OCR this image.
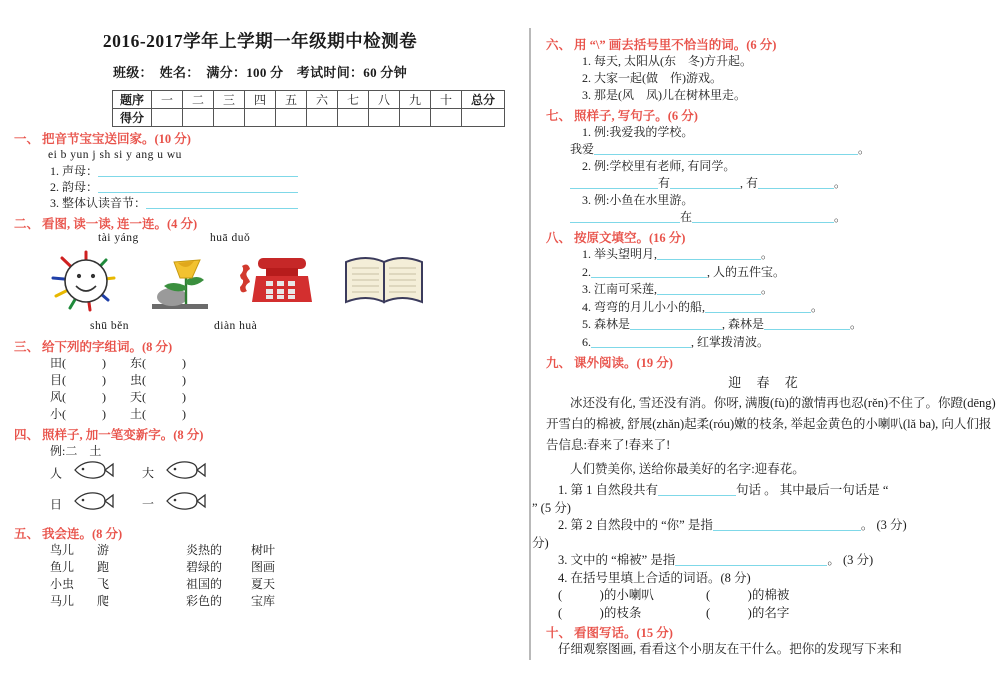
2016-2017学年上学期一年级期中检测卷
班级：　姓名：　满分：100 分　考试时间：60 分钟
题序	一	二	三	四	五	六	七	八	九	十	总分
得分											
一、 把音节宝宝送回家。(10 分)
ei b yun j sh si y ang u wu
1. 声母：
2. 韵母：
3. 整体认读音节：
二、 看图, 读一读, 连一连。(4 分)
tài yáng	huā duǒ
shū běn	diàn huà
三、 给下列的字组词。(8 分)
田(　　　)　　东(　　　)
目(　　　)　　虫(　　　)
风(　　　)　　天(　　　)
小(　　　)　　土(　　　)
四、 照样子, 加一笔变新字。(8 分)
例:二　土
人	大
日	一
五、 我会连。(8 分)
鸟儿 游	炎热的 树叶
鱼儿 跑	碧绿的 图画
小虫 飞	祖国的 夏天
马儿 爬	彩色的 宝库
六、 用 “\” 画去括号里不恰当的词。(6 分)
1. 每天, 太阳从(东　冬)方升起。
2. 大家一起(做　作)游戏。
3. 那是(风　凤)儿在树林里走。
七、 照样子, 写句子。(6 分)
1. 例:我爱我的学校。
我爱	。
2. 例:学校里有老师, 有同学。
有	, 有	。
3. 例:小鱼在水里游。
在	。
八、 按原文填空。(16 分)
1. 举头望明月,	。
2.	, 人的五件宝。
3. 江南可采莲,	。
4. 弯弯的月儿小小的船,	。
5. 森林是	, 森林是	。
6.	, 红掌拨清波。
九、 课外阅读。(19 分)
迎 春 花
冰还没有化, 雪还没有消。你呀, 满腹(fù)的激情再也忍(rěn)不住了。你蹬(dēng)开雪白的棉被, 舒展(zhǎn)起柔(róu)嫩的枝条, 举起金黄色的小喇叭(lǎ ba), 向人们报告信息:春来了!春来了!
人们赞美你, 送给你最美好的名字:迎春花。
1. 第 1 自然段共有	句话 。 其中最后一句话是 “
” (5 分)
2. 第 2 自然段中的 “你” 是指	。 (3 分)
分)
3. 文中的 “棉被” 是指	。 (3 分)
4. 在括号里填上合适的词语。(8 分)
(　　　)的小喇叭	(　　　)的棉被
(　　　)的枝条	(　　　)的名字
十、 看图写话。(15 分)
仔细观察图画, 看看这个小朋友在干什么。把你的发现写下来和
